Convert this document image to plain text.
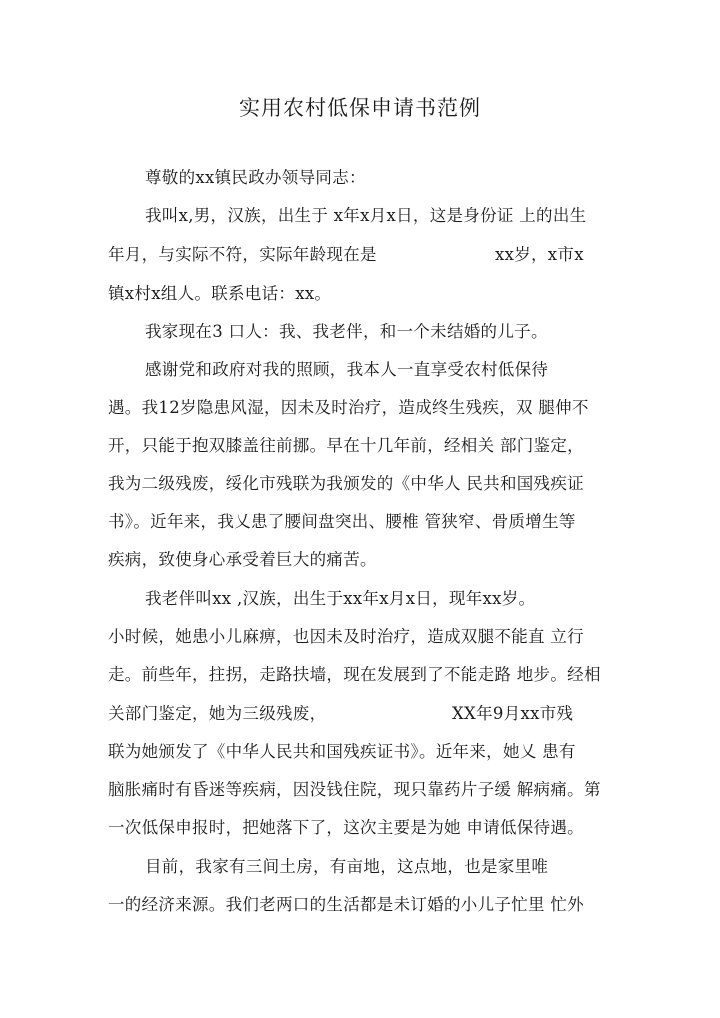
实用农村低保申请书范例
尊敬的xx镇民政办领导同志：
我叫x,男，汉族，出生于 x年x月x日，这是身份证 上的出生
年月，与实际不符，实际年龄现在是	xx岁，x市x
镇x村x组人。联系电话：xx。
我家现在3 口人：我、我老伴，和一个未结婚的儿子。
感谢党和政府对我的照顾，我本人一直享受农村低保待
遇。我12岁隐患风湿，因未及时治疗，造成终生残疾，双 腿伸不
开，只能于抱双膝盖往前挪。早在十几年前，经相关 部门鉴定，
我为二级残废，绥化市残联为我颁发的《中华人 民共和国残疾证
书》。近年来，我乂患了腰间盘突出、腰椎 管狭窄、骨质增生等
疾病，致使身心承受着巨大的痛苦。
我老伴叫xx ,汉族，出生于xx年x月x日，现年xx岁。
小时候，她患小儿麻痹，也因未及时治疗，造成双腿不能直 立行
走。前些年，拄拐，走路扶墙，现在发展到了不能走路 地步。经相
关部门鉴定，她为三级残废，	XX年9月xx市残
联为她颁发了《中华人民共和国残疾证书》。近年来，她乂 患有
脑胀痛时有昏迷等疾病，因没钱住院，现只靠药片子缓 解病痛。第
一次低保申报时，把她落下了，这次主要是为她 申请低保待遇。
目前，我家有三间土房，有亩地，这点地，也是家里唯
一的经济来源。我们老两口的生活都是未订婚的小儿子忙里 忙外
